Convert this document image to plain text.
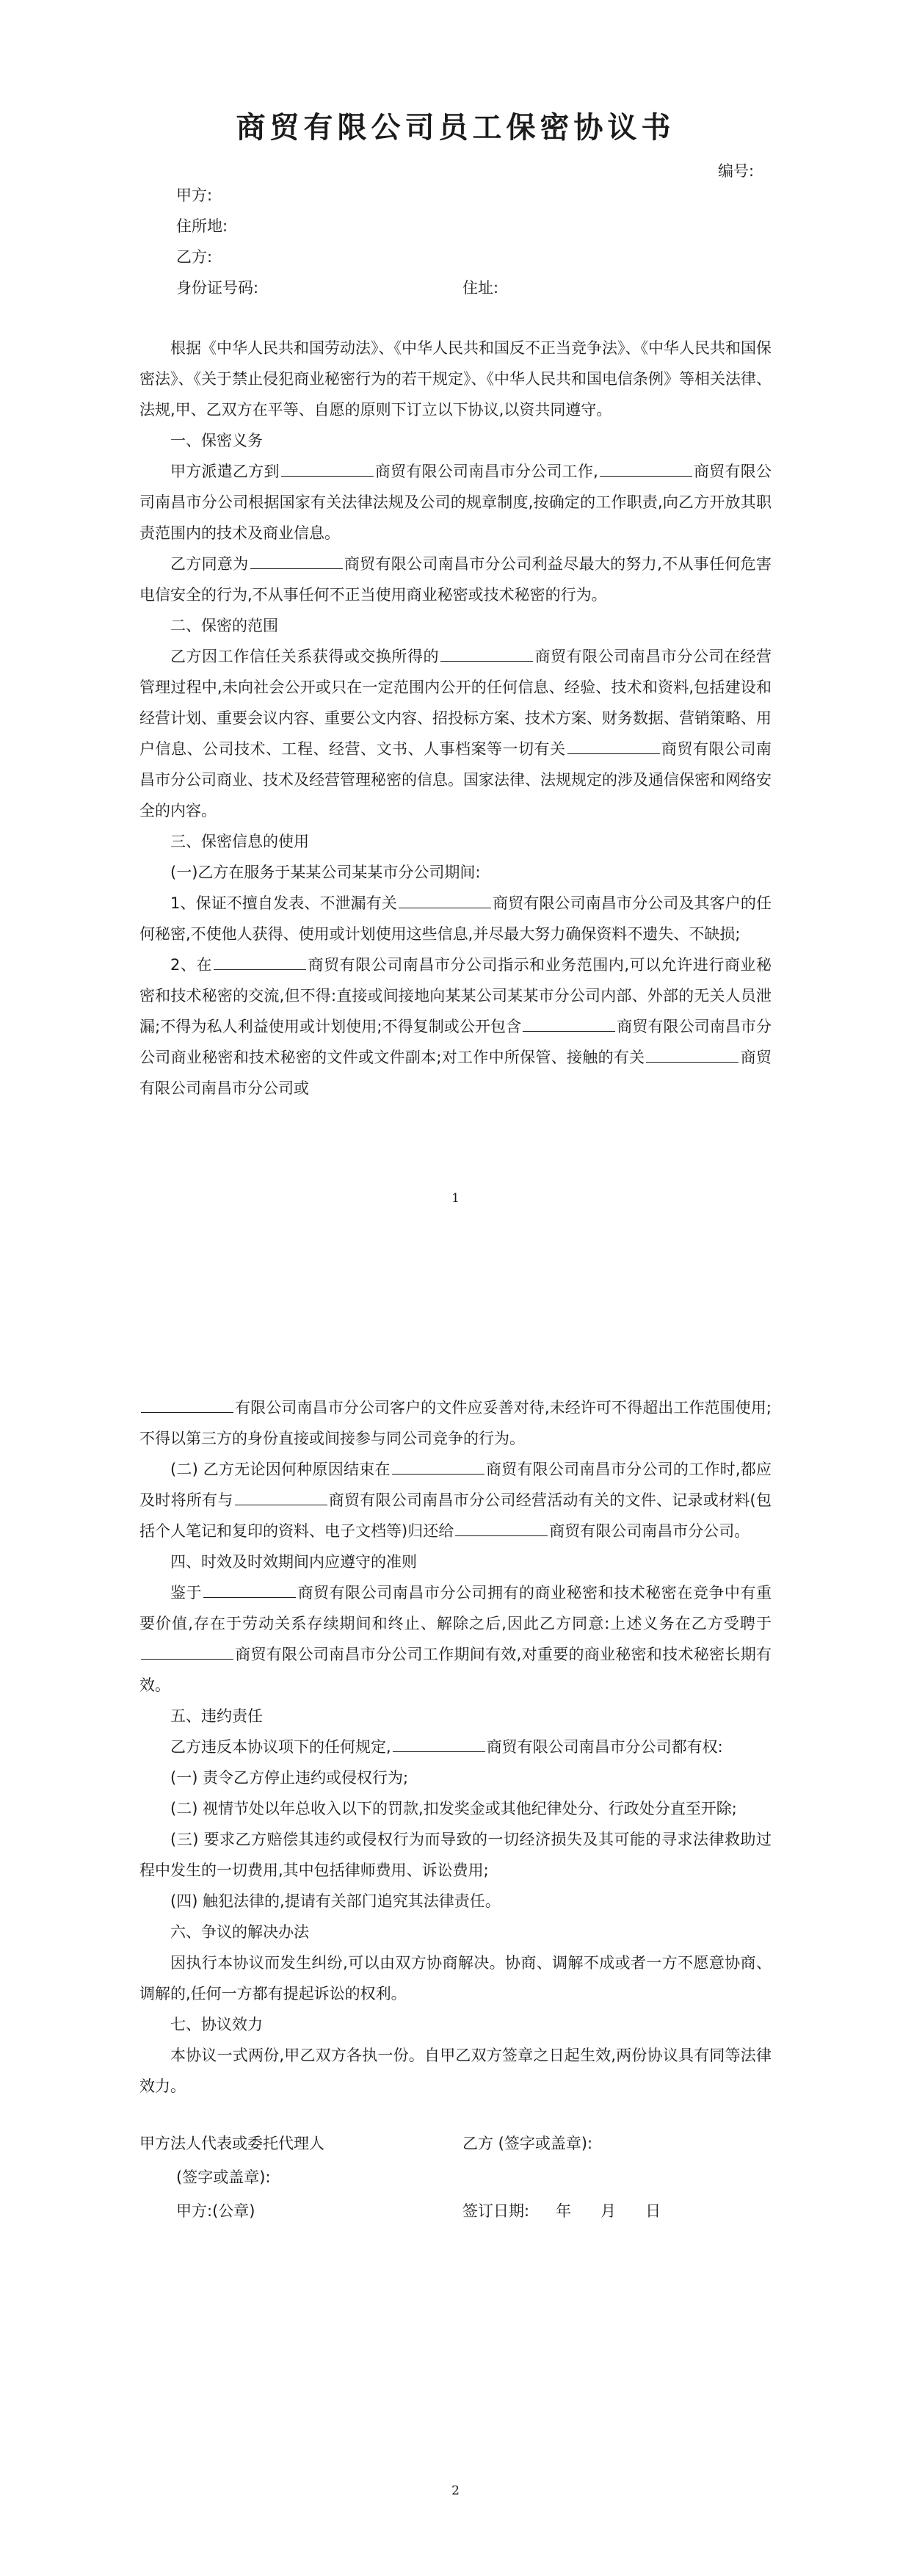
商贸有限公司员工保密协议书
编号:

甲方:

住所地:

乙方:

身份证号码:	住址:

根据《中华人民共和国劳动法》、《中华人民共和国反不正当竞争法》、《中华人民共和国保密法》、《关于禁止侵犯商业秘密行为的若干规定》、《中华人民共和国电信条例》等相关法律、法规,甲、乙双方在平等、自愿的原则下订立以下协议,以资共同遵守。

一、保密义务

甲方派遣乙方到	商贸有限公司南昌市分公司工作,	商贸有限公司南昌市分公司根据国家有关法律法规及公司的规章制度,按确定的工作职责,向乙方开放其职责范围内的技术及商业信息。

乙方同意为	商贸有限公司南昌市分公司利益尽最大的努力,不从事任何危害电信安全的行为,不从事任何不正当使用商业秘密或技术秘密的行为。

二、保密的范围

乙方因工作信任关系获得或交换所得的	商贸有限公司南昌市分公司在经营管理过程中,未向社会公开或只在一定范围内公开的任何信息、经验、技术和资料,包括建设和经营计划、重要会议内容、重要公文内容、招投标方案、技术方案、财务数据、营销策略、用户信息、公司技术、工程、经营、文书、人事档案等一切有关	商贸有限公司南昌市分公司商业、技术及经营管理秘密的信息。国家法律、法规规定的涉及通信保密和网络安全的内容。

三、保密信息的使用

(一)乙方在服务于某某公司某某市分公司期间:

1、保证不擅自发表、不泄漏有关	商贸有限公司南昌市分公司及其客户的任何秘密,不使他人获得、使用或计划使用这些信息,并尽最大努力确保资料不遗失、不缺损;

2、在	商贸有限公司南昌市分公司指示和业务范围内,可以允许进行商业秘密和技术秘密的交流,但不得:直接或间接地向某某公司某某市分公司内部、外部的无关人员泄漏;不得为私人利益使用或计划使用;不得复制或公开包含	商贸有限公司南昌市分公司商业秘密和技术秘密的文件或文件副本;对工作中所保管、接触的有关	商贸有限公司南昌市分公司或

1

有限公司南昌市分公司客户的文件应妥善对待,未经许可不得超出工作范围使用;不得以第三方的身份直接或间接参与同公司竞争的行为。

(二) 乙方无论因何种原因结束在	商贸有限公司南昌市分公司的工作时,都应及时将所有与	商贸有限公司南昌市分公司经营活动有关的文件、记录或材料(包括个人笔记和复印的资料、电子文档等)归还给	商贸有限公司南昌市分公司。

四、时效及时效期间内应遵守的准则

鉴于	商贸有限公司南昌市分公司拥有的商业秘密和技术秘密在竞争中有重要价值,存在于劳动关系存续期间和终止、解除之后,因此乙方同意:上述义务在乙方受聘于商贸有限公司南昌市分公司工作期间有效,对重要的商业秘密和技术秘密长期有效。

五、违约责任

乙方违反本协议项下的任何规定,	商贸有限公司南昌市分公司都有权:

(一) 责令乙方停止违约或侵权行为;

(二) 视情节处以年总收入以下的罚款,扣发奖金或其他纪律处分、行政处分直至开除;

(三) 要求乙方赔偿其违约或侵权行为而导致的一切经济损失及其可能的寻求法律救助过程中发生的一切费用,其中包括律师费用、诉讼费用;

(四) 触犯法律的,提请有关部门追究其法律责任。

六、争议的解决办法

因执行本协议而发生纠纷,可以由双方协商解决。协商、调解不成或者一方不愿意协商、调解的,任何一方都有提起诉讼的权利。

七、协议效力

本协议一式两份,甲乙双方各执一份。自甲乙双方签章之日起生效,两份协议具有同等法律效力。

甲方法人代表或委托代理人	乙方 (签字或盖章):
(签字或盖章):
甲方:(公章)	签订日期: 年 月 日
2
